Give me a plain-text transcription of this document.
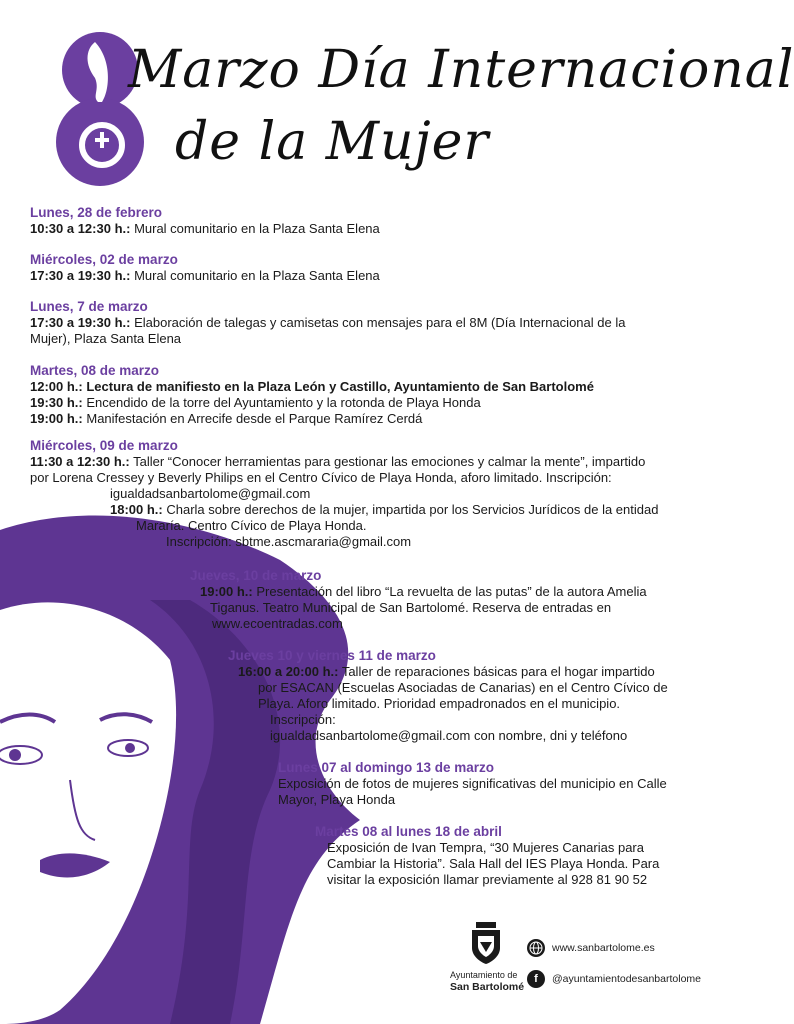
Marzo Día Internacional
de la Mujer
Lunes, 28 de febrero
10:30 a 12:30 h.: Mural comunitario en la Plaza Santa Elena
Miércoles, 02 de marzo
17:30 a 19:30 h.: Mural comunitario en la Plaza Santa Elena
Lunes, 7 de marzo
17:30 a 19:30 h.: Elaboración de talegas y camisetas con mensajes para el 8M (Día Internacional de la
Mujer), Plaza Santa Elena
Martes, 08 de marzo
12:00 h.: Lectura de manifiesto en la Plaza León y Castillo, Ayuntamiento de San Bartolomé
19:30 h.: Encendido de la torre del Ayuntamiento y la rotonda de Playa Honda
19:00 h.: Manifestación en Arrecife desde el Parque Ramírez Cerdá
Miércoles, 09 de marzo
11:30 a 12:30 h.: Taller “Conocer herramientas para gestionar las emociones y calmar la mente”, impartido
por Lorena Cressey y Beverly Philips en el Centro Cívico de Playa Honda, aforo limitado. Inscripción:
igualdadsanbartolome@gmail.com
18:00 h.: Charla sobre derechos de la mujer, impartida por los Servicios Jurídicos de la entidad
Mararía. Centro Cívico de Playa Honda.
Inscripción: sbtme.ascmararia@gmail.com
Jueves, 10 de marzo
19:00 h.: Presentación del libro “La revuelta de las putas” de la autora Amelia
Tiganus. Teatro Municipal de San Bartolomé. Reserva de entradas en
www.ecoentradas.com
Jueves 10 y viernes 11 de marzo
16:00 a 20:00 h.: Taller de reparaciones básicas para el hogar impartido
por ESACAN (Escuelas Asociadas de Canarias) en el Centro Cívico de
Playa. Aforo limitado. Prioridad empadronados en el municipio.
Inscripción:
igualdadsanbartolome@gmail.com con nombre, dni y teléfono
Lunes 07 al domingo 13 de marzo
Exposición de fotos de mujeres significativas del municipio en Calle
Mayor, Playa Honda
Martes 08 al lunes 18 de abril
Exposición de Ivan Tempra, “30 Mujeres Canarias para
Cambiar la Historia”. Sala Hall del IES Playa Honda. Para
visitar la exposición llamar previamente al 928 81 90 52
Ayuntamiento de
San Bartolomé
www.sanbartolome.es
f	@ayuntamientodesanbartolome
